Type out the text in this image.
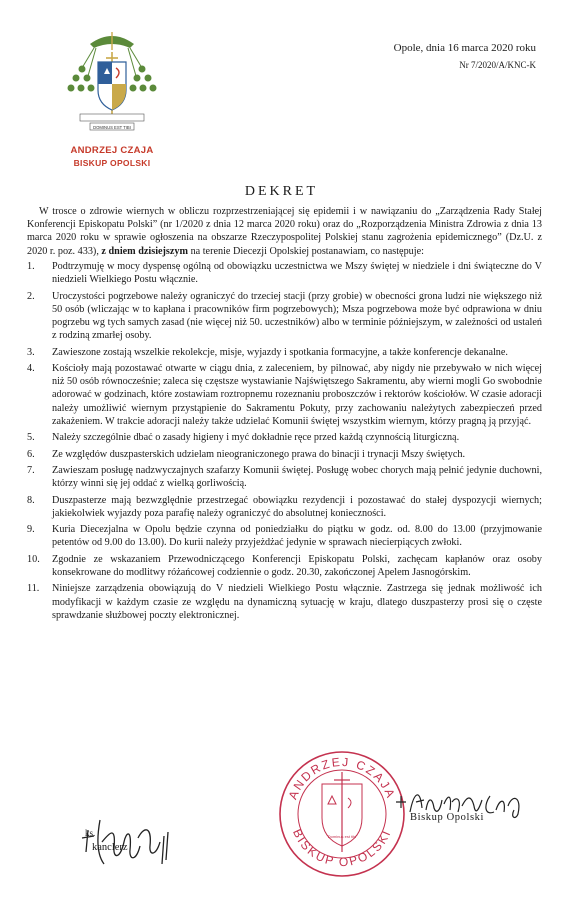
DOMINUS EST TIBI
ANDRZEJ CZAJA
BISKUP OPOLSKI
Opole, dnia 16 marca 2020 roku
Nr 7/2020/A/KNC-K
DEKRET

W trosce o zdrowie wiernych w obliczu rozprzestrzeniającej się epidemii i w nawiązaniu do „Zarządzenia Rady Stałej Konferencji Episkopatu Polski” (nr 1/2020 z dnia 12 marca 2020 roku) oraz do „Rozporządzenia Ministra Zdrowia z dnia 13 marca 2020 roku w sprawie ogłoszenia na obszarze Rzeczypospolitej Polskiej stanu zagrożenia epidemicznego” (Dz.U. z 2020 r. poz. 433), z dniem dzisiejszym na terenie Diecezji Opolskiej postanawiam, co następuje:

1.	Podtrzymuję w mocy dyspensę ogólną od obowiązku uczestnictwa we Mszy świętej w niedziele i dni świąteczne do V niedzieli Wielkiego Postu włącznie.
2.	Uroczystości pogrzebowe należy ograniczyć do trzeciej stacji (przy grobie) w obecności grona ludzi nie większego niż 50 osób (wliczając w to kapłana i pracowników firm pogrzebowych); Msza pogrzebowa może być odprawiona w dniu pogrzebu wg tych samych zasad (nie więcej niż 50. uczestników) albo w terminie późniejszym, w zależności od ustaleń z rodziną zmarłej osoby.
3.	Zawieszone zostają wszelkie rekolekcje, misje, wyjazdy i spotkania formacyjne, a także konferencje dekanalne.
4.	Kościoły mają pozostawać otwarte w ciągu dnia, z zaleceniem, by pilnować, aby nigdy nie przebywało w nich więcej niż 50 osób równocześnie; zaleca się częstsze wystawianie Najświętszego Sakramentu, aby wierni mogli Go swobodnie adorować w godzinach, które zostawiam roztropnemu rozeznaniu proboszczów i rektorów kościołów. W czasie adoracji należy umożliwić wiernym przystąpienie do Sakramentu Pokuty, przy zachowaniu należytych zabezpieczeń przed zakażeniem. W trakcie adoracji należy także udzielać Komunii świętej wszystkim wiernym, którzy pragną ją przyjąć.
5.	Należy szczególnie dbać o zasady higieny i myć dokładnie ręce przed każdą czynnością liturgiczną.
6.	Ze względów duszpasterskich udzielam nieograniczonego prawa do binacji i trynacji Mszy świętych.
7.	Zawieszam posługę nadzwyczajnych szafarzy Komunii świętej. Posługę wobec chorych mają pełnić jedynie duchowni, którzy winni się jej oddać z wielką gorliwością.
8.	Duszpasterze mają bezwzględnie przestrzegać obowiązku rezydencji i pozostawać do stałej dyspozycji wiernych; jakiekolwiek wyjazdy poza parafię należy ograniczyć do absolutnej konieczności.
9.	Kuria Diecezjalna w Opolu będzie czynna od poniedziałku do piątku w godz. od. 8.00 do 13.00 (przyjmowanie petentów od 9.00 do 13.00). Do kurii należy przyjeżdżać jedynie w sprawach niecierpiących zwłoki.
10.	Zgodnie ze wskazaniem Przewodniczącego Konferencji Episkopatu Polski, zachęcam kapłanów oraz osoby konsekrowane do modlitwy różańcowej codziennie o godz. 20.30, zakończonej Apelem Jasnogórskim.
11.	Niniejsze zarządzenia obowiązują do V niedzieli Wielkiego Postu włącznie. Zastrzega się jednak możliwość ich modyfikacji w każdym czasie ze względu na dynamiczną sytuację w kraju, dlatego duszpasterzy prosi się o częste sprawdzanie służbowej poczty elektronicznej.
ks.
kanclerz
ANDRZEJ CZAJA
BISKUP OPOLSKI
Dominus est tibi
Biskup Opolski
